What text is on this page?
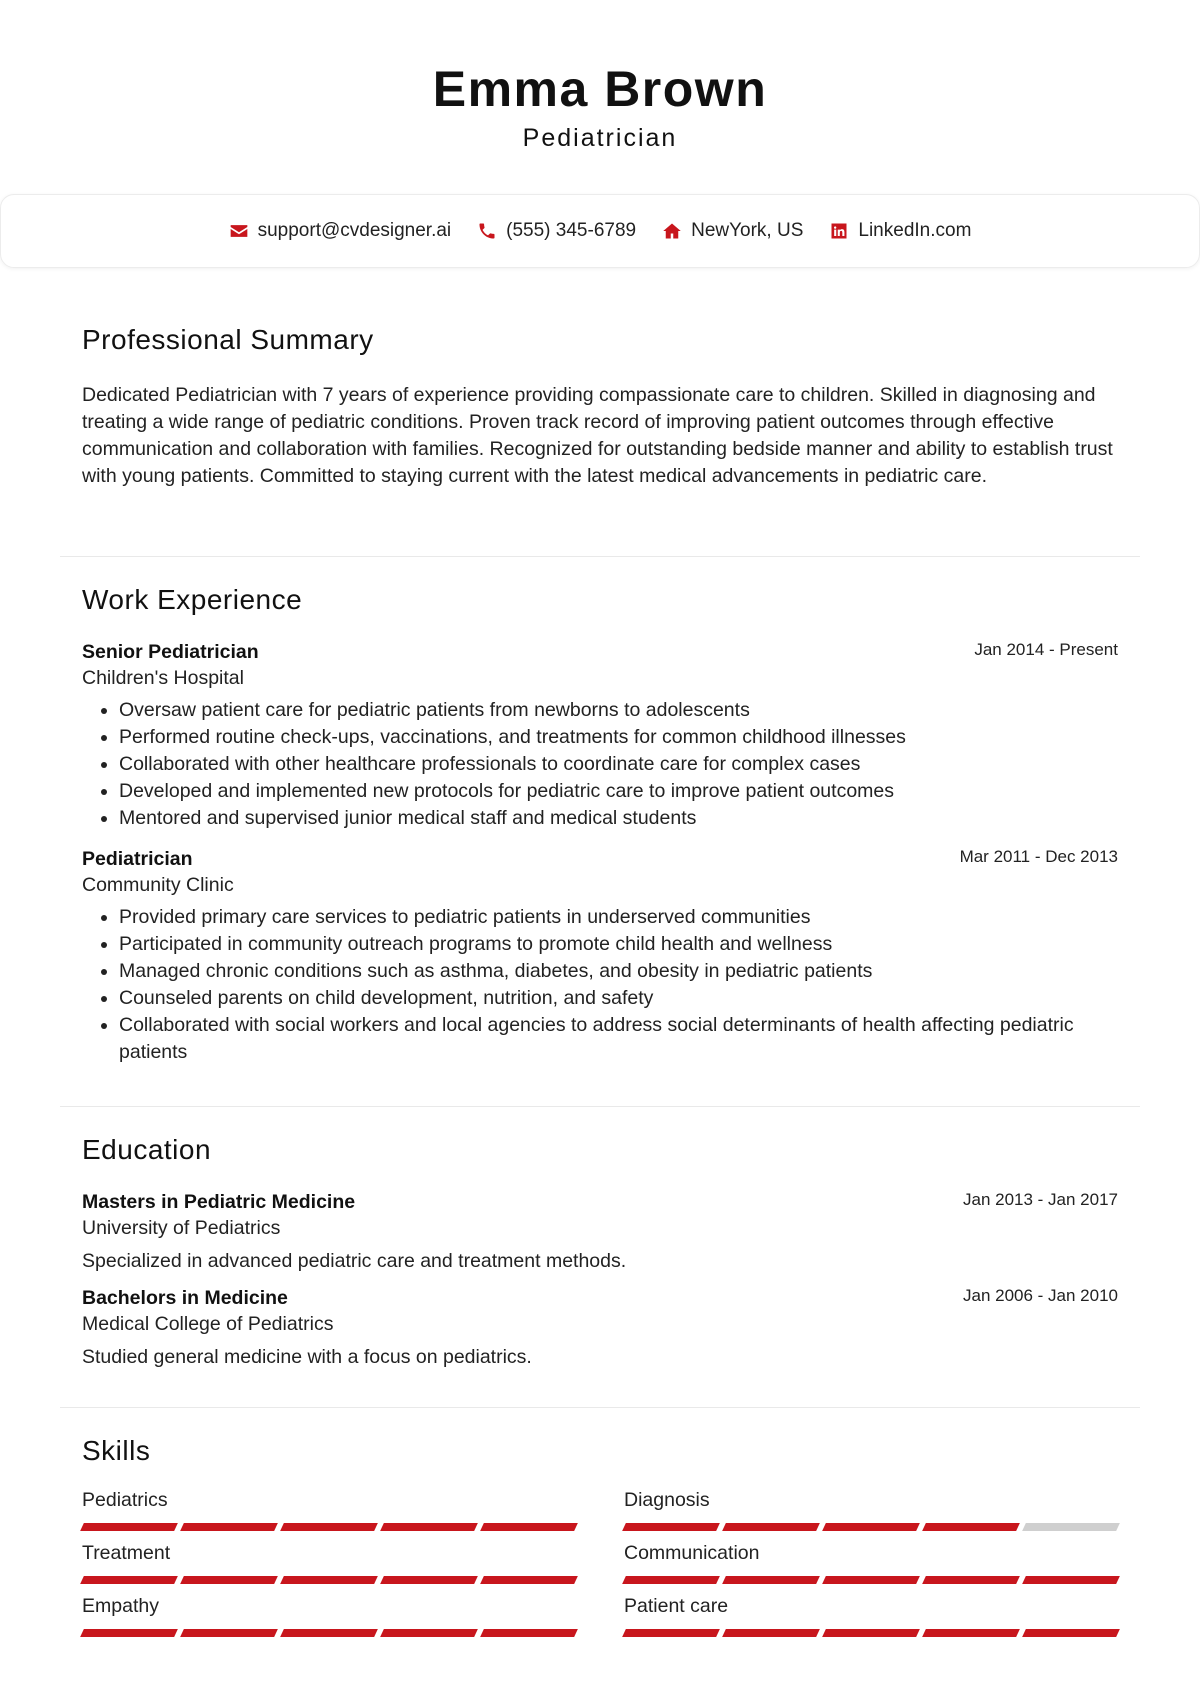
Emma Brown
Pediatrician
support@cvdesigner.ai	(555) 345-6789	NewYork, US	LinkedIn.com
Professional Summary

Dedicated Pediatrician with 7 years of experience providing compassionate care to children. Skilled in diagnosing and treating a wide range of pediatric conditions. Proven track record of improving patient outcomes through effective communication and collaboration with families. Recognized for outstanding bedside manner and ability to establish trust with young patients. Committed to staying current with the latest medical advancements in pediatric care.

Work Experience
Senior Pediatrician	Jan 2014 - Present
Children's Hospital
• Oversaw patient care for pediatric patients from newborns to adolescents
• Performed routine check-ups, vaccinations, and treatments for common childhood illnesses
• Collaborated with other healthcare professionals to coordinate care for complex cases
• Developed and implemented new protocols for pediatric care to improve patient outcomes
• Mentored and supervised junior medical staff and medical students
Pediatrician	Mar 2011 - Dec 2013
Community Clinic
• Provided primary care services to pediatric patients in underserved communities
• Participated in community outreach programs to promote child health and wellness
• Managed chronic conditions such as asthma, diabetes, and obesity in pediatric patients
• Counseled parents on child development, nutrition, and safety
• Collaborated with social workers and local agencies to address social determinants of health affecting pediatric patients
Education
Masters in Pediatric Medicine	Jan 2013 - Jan 2017
University of Pediatrics
Specialized in advanced pediatric care and treatment methods.
Bachelors in Medicine	Jan 2006 - Jan 2010
Medical College of Pediatrics
Studied general medicine with a focus on pediatrics.
Skills
Pediatrics	Diagnosis
Treatment	Communication
Empathy	Patient care
